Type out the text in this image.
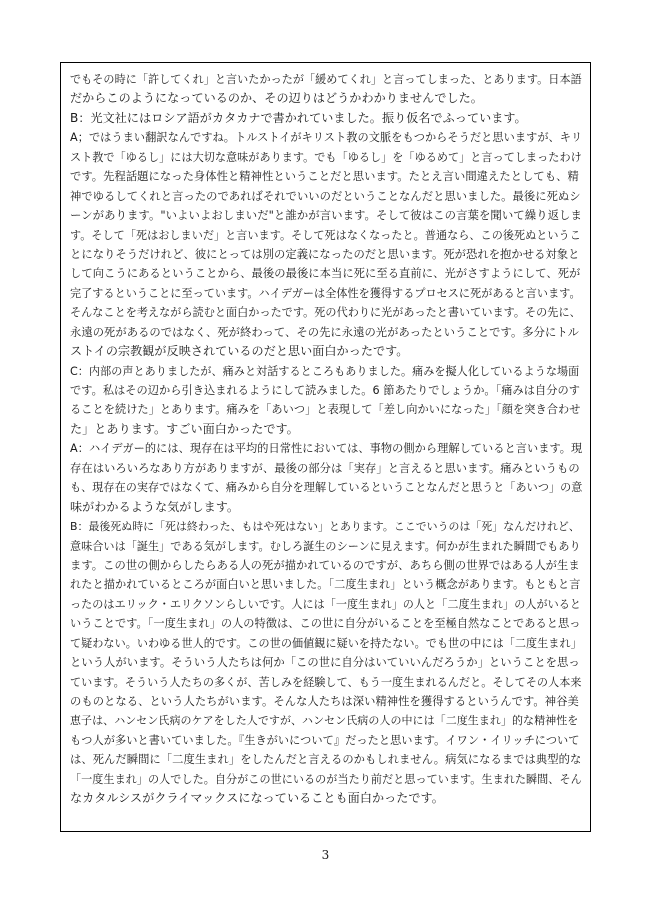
でもその時に「許してくれ」と言いたかったが「緩めてくれ」と言ってしまった、とあります。日本語
だからこのようになっているのか、その辺りはどうかわかりませんでした。
B：光文社にはロシア語がカタカナで書かれていました。振り仮名でふっています。
A；ではうまい翻訳なんですね。トルストイがキリスト教の文脈をもつからそうだと思いますが、キリ
スト教で「ゆるし」には大切な意味があります。でも「ゆるし」を「ゆるめて」と言ってしまったわけ
です。先程話題になった身体性と精神性ということだと思います。たとえ言い間違えたとしても、精
神でゆるしてくれと言ったのであればそれでいいのだということなんだと思いました。最後に死ぬシ
ーンがあります。"いよいよおしまいだ"と誰かが言います。そして彼はこの言葉を聞いて繰り返しま
す。そして「死はおしまいだ」と言います。そして死はなくなったと。普通なら、この後死ぬというこ
とになりそうだけれど、彼にとっては別の定義になったのだと思います。死が恐れを抱かせる対象と
して向こうにあるということから、最後の最後に本当に死に至る直前に、光がさすようにして、死が
完了するということに至っています。ハイデガーは全体性を獲得するプロセスに死があると言います。
そんなことを考えながら読むと面白かったです。死の代わりに光があったと書いています。その先に、
永遠の死があるのではなく、死が終わって、その先に永遠の光があったということです。多分にトル
ストイの宗教観が反映されているのだと思い面白かったです。
C：内部の声とありましたが、痛みと対話するところもありました。痛みを擬人化しているような場面
です。私はその辺から引き込まれるようにして読みました。6 節あたりでしょうか。「痛みは自分のす
ることを続けた」とあります。痛みを「あいつ」と表現して「差し向かいになった」「顔を突き合わせ
た」とあります。すごい面白かったです。
A：ハイデガー的には、現存在は平均的日常性においては、事物の側から理解していると言います。現
存在はいろいろなあり方がありますが、最後の部分は「実存」と言えると思います。痛みというもの
も、現存在の実存ではなくて、痛みから自分を理解しているということなんだと思うと「あいつ」の意
味がわかるような気がします。
B：最後死ぬ時に「死は終わった、もはや死はない」とあります。ここでいうのは「死」なんだけれど、
意味合いは「誕生」である気がします。むしろ誕生のシーンに見えます。何かが生まれた瞬間でもあり
ます。この世の側からしたらある人の死が描かれているのですが、あちら側の世界ではある人が生ま
れたと描かれているところが面白いと思いました。「二度生まれ」という概念があります。もともと言
ったのはエリック・エリクソンらしいです。人には「一度生まれ」の人と「二度生まれ」の人がいると
いうことです。「一度生まれ」の人の特徴は、この世に自分がいることを至極自然なことであると思っ
て疑わない。いわゆる世人的です。この世の価値観に疑いを持たない。でも世の中には「二度生まれ」
という人がいます。そういう人たちは何か「この世に自分はいていいんだろうか」ということを思っ
ています。そういう人たちの多くが、苦しみを経験して、もう一度生まれるんだと。そしてその人本来
のものとなる、という人たちがいます。そんな人たちは深い精神性を獲得するというんです。神谷美
恵子は、ハンセン氏病のケアをした人ですが、ハンセン氏病の人の中には「二度生まれ」的な精神性を
もつ人が多いと書いていました。『生きがいについて』だったと思います。イワン・イリッチについて
は、死んだ瞬間に「二度生まれ」をしたんだと言えるのかもしれません。病気になるまでは典型的な
「一度生まれ」の人でした。自分がこの世にいるのが当たり前だと思っています。生まれた瞬間、そん
なカタルシスがクライマックスになっていることも面白かったです。
3
